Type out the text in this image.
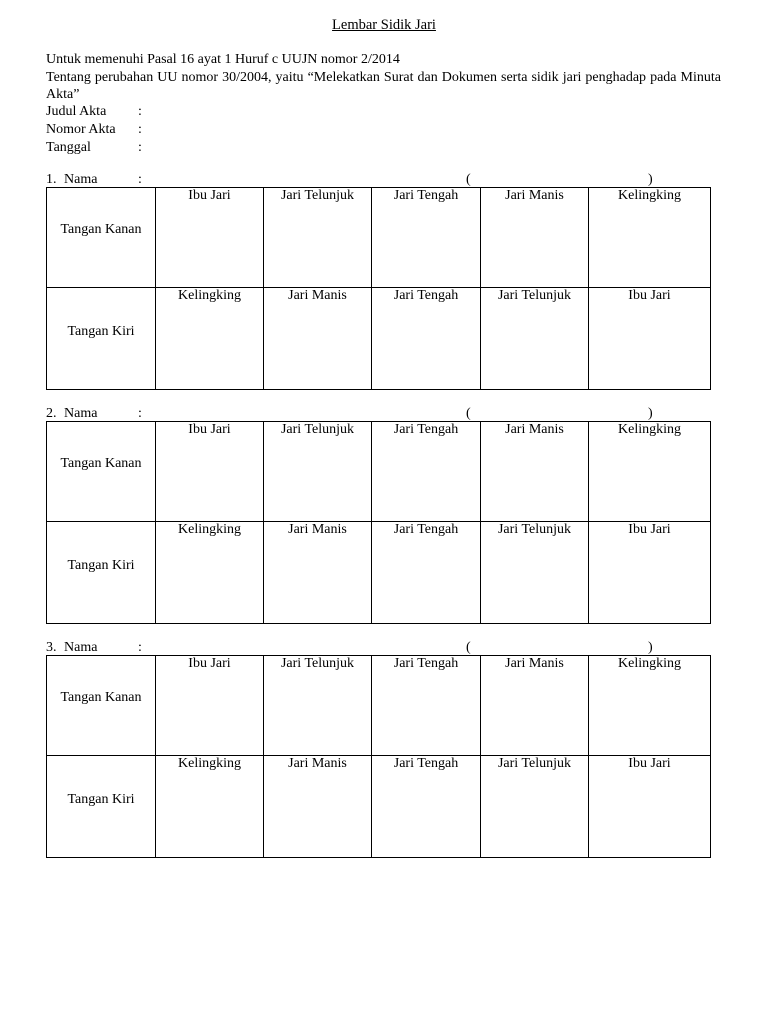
Lembar Sidik Jari

Untuk memenuhi Pasal 16 ayat 1 Huruf c UUJN nomor 2/2014

Tentang perubahan UU nomor 30/2004, yaitu “Melekatkan Surat dan Dokumen serta sidik jari penghadap pada Minuta Akta”

Judul Akta :
Nomor Akta :
Tanggal	:
1. Nama	:	(	)
Tangan Kanan	Ibu Jari	Jari Telunjuk	Jari Tengah	Jari Manis	Kelingking
Tangan Kiri	Kelingking	Jari Manis	Jari Tengah	Jari Telunjuk	Ibu Jari
2. Nama	:	(	)
Tangan Kanan	Ibu Jari	Jari Telunjuk	Jari Tengah	Jari Manis	Kelingking
Tangan Kiri	Kelingking	Jari Manis	Jari Tengah	Jari Telunjuk	Ibu Jari
3. Nama	:	(	)
Tangan Kanan	Ibu Jari	Jari Telunjuk	Jari Tengah	Jari Manis	Kelingking
Tangan Kiri	Kelingking	Jari Manis	Jari Tengah	Jari Telunjuk	Ibu Jari
